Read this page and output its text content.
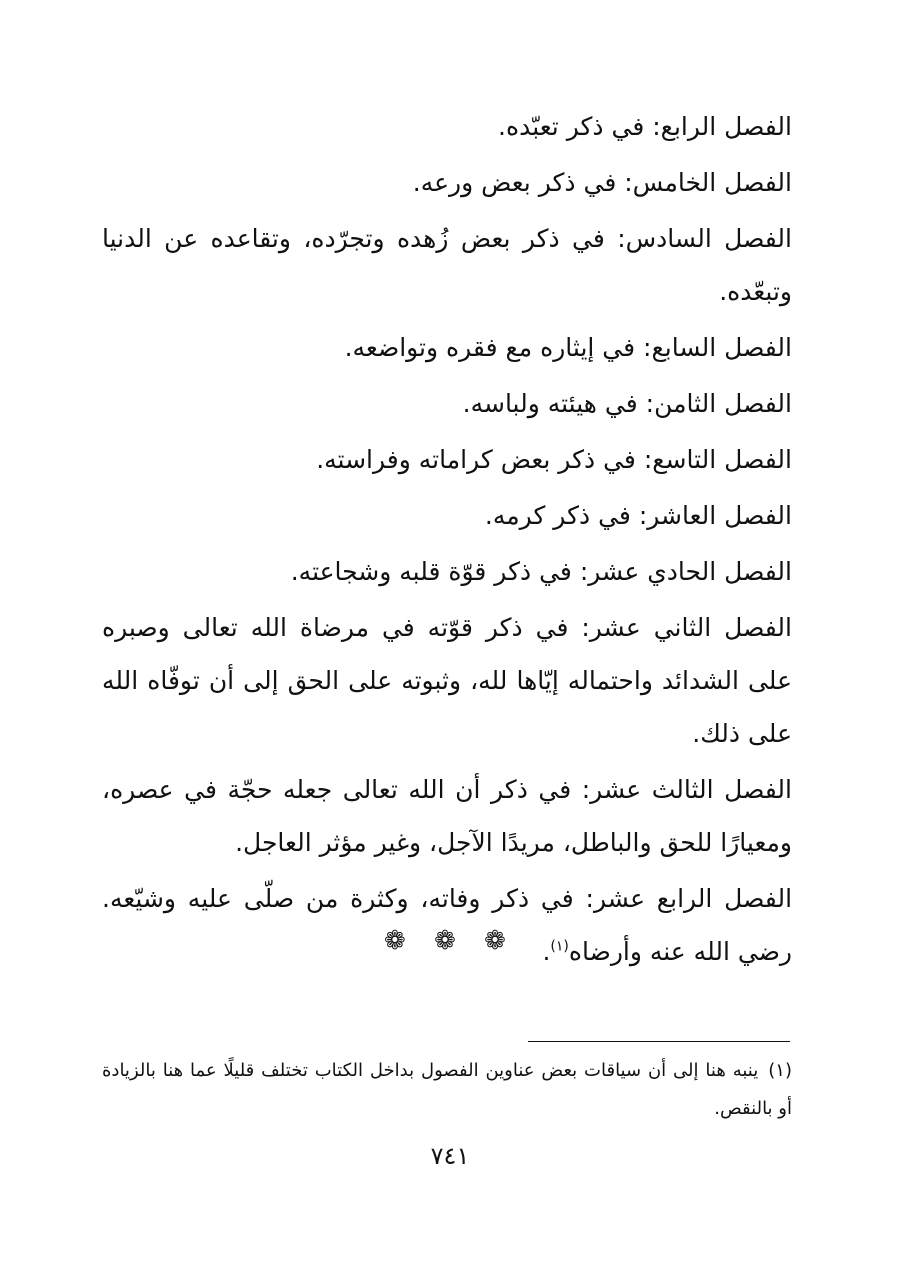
الفصل الرابع: في ذكر تعبّده.

الفصل الخامس: في ذكر بعض ورعه.

الفصل السادس: في ذكر بعض زُهده وتجرّده، وتقاعده عن الدنيا وتبعّده.

الفصل السابع: في إيثاره مع فقره وتواضعه.

الفصل الثامن: في هيئته ولباسه.

الفصل التاسع: في ذكر بعض كراماته وفراسته.

الفصل العاشر: في ذكر كرمه.

الفصل الحادي عشر: في ذكر قوّة قلبه وشجاعته.

الفصل الثاني عشر: في ذكر قوّته في مرضاة الله تعالى وصبره على الشدائد واحتماله إيّاها لله، وثبوته على الحق إلى أن توفّاه الله على ذلك.

الفصل الثالث عشر: في ذكر أن الله تعالى جعله حجّة في عصره، ومعيارًا للحق والباطل، مريدًا الآجل، وغير مؤثر العاجل.

الفصل الرابع عشر: في ذكر وفاته، وكثرة من صلّى عليه وشيّعه. رضي الله عنه وأرضاه$^{(١)}$.

❁ ❁ ❁
(١)ينبه هنا إلى أن سياقات بعض عناوين الفصول بداخل الكتاب تختلف قليلًا عما هنا بالزيادة أو بالنقص.
٧٤١
